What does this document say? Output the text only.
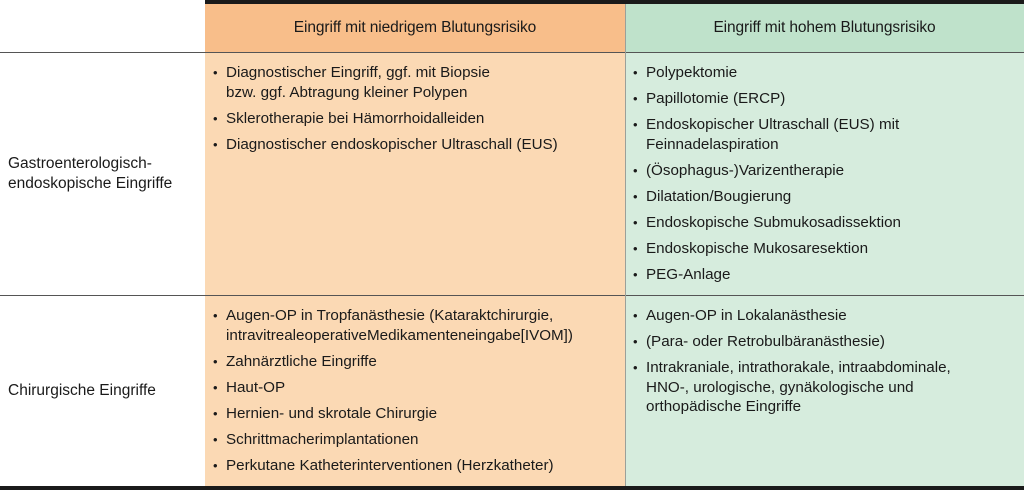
Eingriff mit niedrigem Blutungsrisiko	Eingriff mit hohem Blutungsrisiko
Gastroenterologisch-
endoskopische Eingriffe
• Diagnostischer Eingriff, ggf. mit Biopsie
bzw. ggf. Abtragung kleiner Polypen
• Sklerotherapie bei Hämorrhoidalleiden
• Diagnostischer endoskopischer Ultraschall (EUS)
• Polypektomie
• Papillotomie (ERCP)
• Endoskopischer Ultraschall (EUS) mit
Feinnadelaspiration
• (Ösophagus-)Varizentherapie
• Dilatation/Bougierung
• Endoskopische Submukosadissektion
• Endoskopische Mukosaresektion
• PEG-Anlage
Chirurgische Eingriffe
• Augen-OP in Tropfanästhesie (Kataraktchirurgie,
intravitrealeoperativeMedikamenteneingabe[IVOM])
• Zahnärztliche Eingriffe
• Haut-OP
• Hernien- und skrotale Chirurgie
• Schrittmacherimplantationen
• Perkutane Katheterinterventionen (Herzkatheter)
• Augen-OP in Lokalanästhesie
• (Para- oder Retrobulbäranästhesie)
• Intrakraniale, intrathorakale, intraabdominale,
HNO-, urologische, gynäkologische und
orthopädische Eingriffe
